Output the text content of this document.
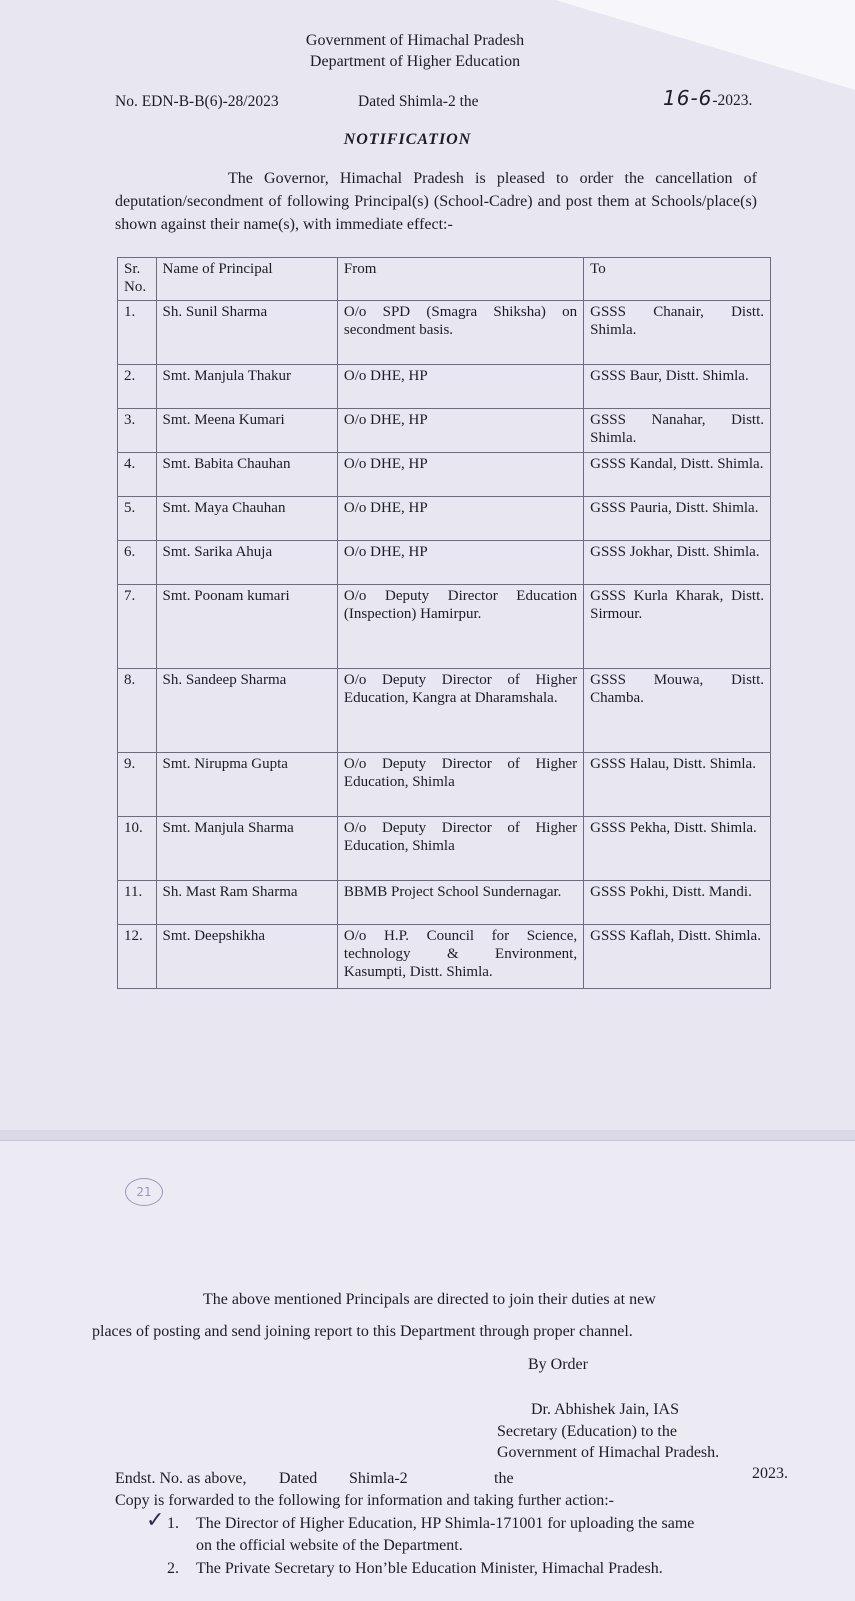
Government of Himachal Pradesh
Department of Higher Education
No. EDN-B-B(6)-28/2023	Dated Shimla-2 the	16-6-2023.
NOTIFICATION
The Governor, Himachal Pradesh is pleased to order the cancellation of deputation/secondment of following Principal(s) (School-Cadre) and post them at Schools/place(s) shown against their name(s), with immediate effect:-
Sr. No.	Name of Principal	From	To
1.	Sh. Sunil Sharma	O/o SPD (Smagra Shiksha) on secondment basis.	GSSS Chanair, Distt. Shimla.
2.	Smt. Manjula Thakur	O/o DHE, HP	GSSS Baur, Distt. Shimla.
3.	Smt. Meena Kumari	O/o DHE, HP	GSSS Nanahar, Distt. Shimla.
4.	Smt. Babita Chauhan	O/o DHE, HP	GSSS Kandal, Distt. Shimla.
5.	Smt. Maya Chauhan	O/o DHE, HP	GSSS Pauria, Distt. Shimla.
6.	Smt. Sarika Ahuja	O/o DHE, HP	GSSS Jokhar, Distt. Shimla.
7.	Smt. Poonam kumari	O/o Deputy Director Education (Inspection) Hamirpur.	GSSS Kurla Kharak, Distt. Sirmour.
8.	Sh. Sandeep Sharma	O/o Deputy Director of Higher Education, Kangra at Dharamshala.	GSSS Mouwa, Distt. Chamba.
9.	Smt. Nirupma Gupta	O/o Deputy Director of Higher Education, Shimla	GSSS Halau, Distt. Shimla.
10.	Smt. Manjula Sharma	O/o Deputy Director of Higher Education, Shimla	GSSS Pekha, Distt. Shimla.
11.	Sh. Mast Ram Sharma	BBMB Project School Sundernagar.	GSSS Pokhi, Distt. Mandi.
12.	Smt. Deepshikha	O/o H.P. Council for Science, technology & Environment, Kasumpti, Distt. Shimla.	GSSS Kaflah, Distt. Shimla.
21
The above mentioned Principals are directed to join their duties at new
places of posting and send joining report to this Department through proper channel.
By Order
Dr. Abhishek Jain, IAS
Secretary (Education) to the
Government of Himachal Pradesh.
Endst. No. as above, Dated Shimla-2	the	2023.
Copy is forwarded to the following for information and taking further action:-
✓ 1. The Director of Higher Education, HP Shimla-171001 for uploading the same
on the official website of the Department.
2. The Private Secretary to Hon’ble Education Minister, Himachal Pradesh.
